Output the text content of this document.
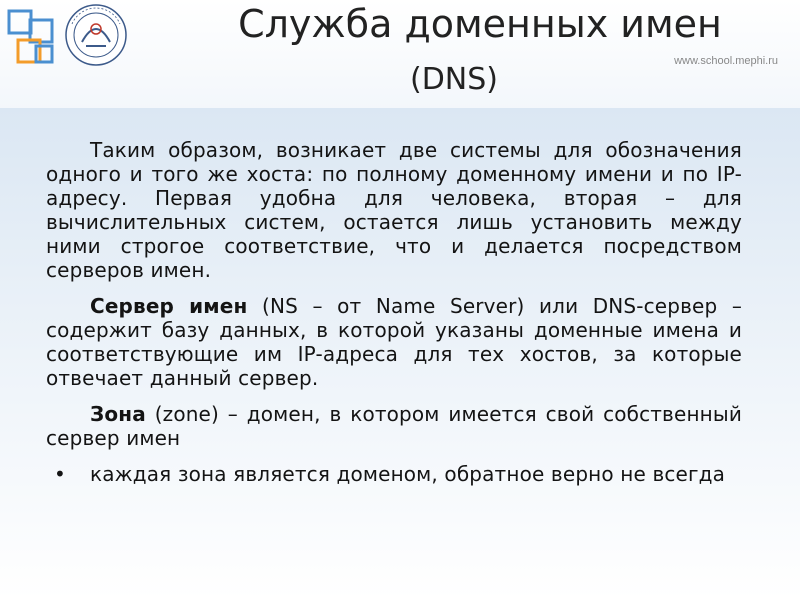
Служба доменных имен
(DNS)
www.school.mephi.ru

Таким образом, возникает две системы для обозначения одного и того же хоста: по полному доменному имени и по IP-адресу. Первая удобна для человека, вторая – для вычислительных систем, остается лишь установить между ними строгое соответствие, что и делается посредством серверов имен.

Сервер имен (NS – от Name Server) или DNS-сервер – содержит базу данных, в которой указаны доменные имена и соответствующие им IP-адреса для тех хостов, за которые отвечает данный сервер.

Зона (zone) – домен, в котором имеется свой собственный сервер имен

• каждая зона является доменом, обратное верно не всегда
